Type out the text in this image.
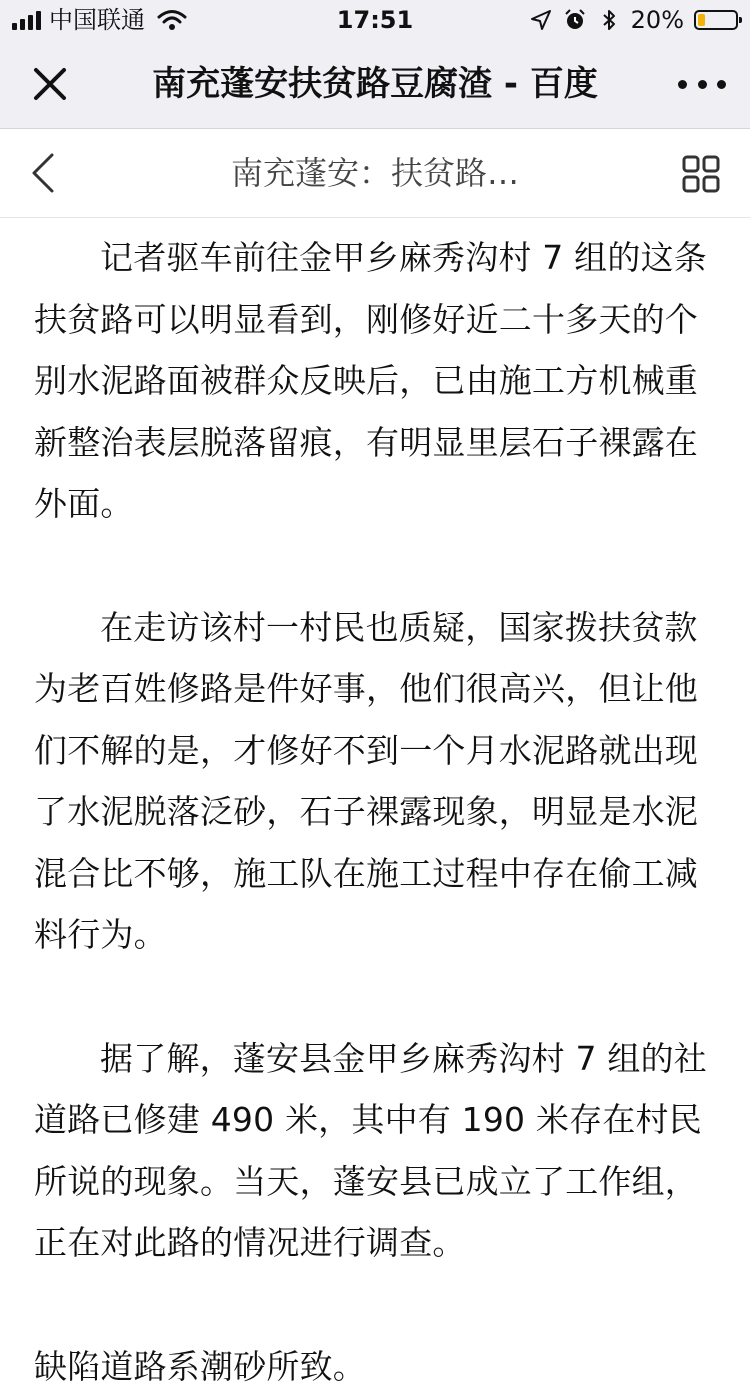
中国联通	17:51	20%
南充蓬安扶贫路豆腐渣 - 百度
南充蓬安：扶贫路…

记者驱车前往金甲乡麻秀沟村 7 组的这条扶贫路可以明显看到，刚修好近二十多天的个别水泥路面被群众反映后，已由施工方机械重新整治表层脱落留痕，有明显里层石子裸露在外面。

在走访该村一村民也质疑，国家拨扶贫款为老百姓修路是件好事，他们很高兴，但让他们不解的是，才修好不到一个月水泥路就出现了水泥脱落泛砂，石子裸露现象，明显是水泥混合比不够，施工队在施工过程中存在偷工减料行为。

据了解，蓬安县金甲乡麻秀沟村 7 组的社道路已修建 490 米，其中有 190 米存在村民所说的现象。当天，蓬安县已成立了工作组，正在对此路的情况进行调查。

缺陷道路系潮砂所致。
